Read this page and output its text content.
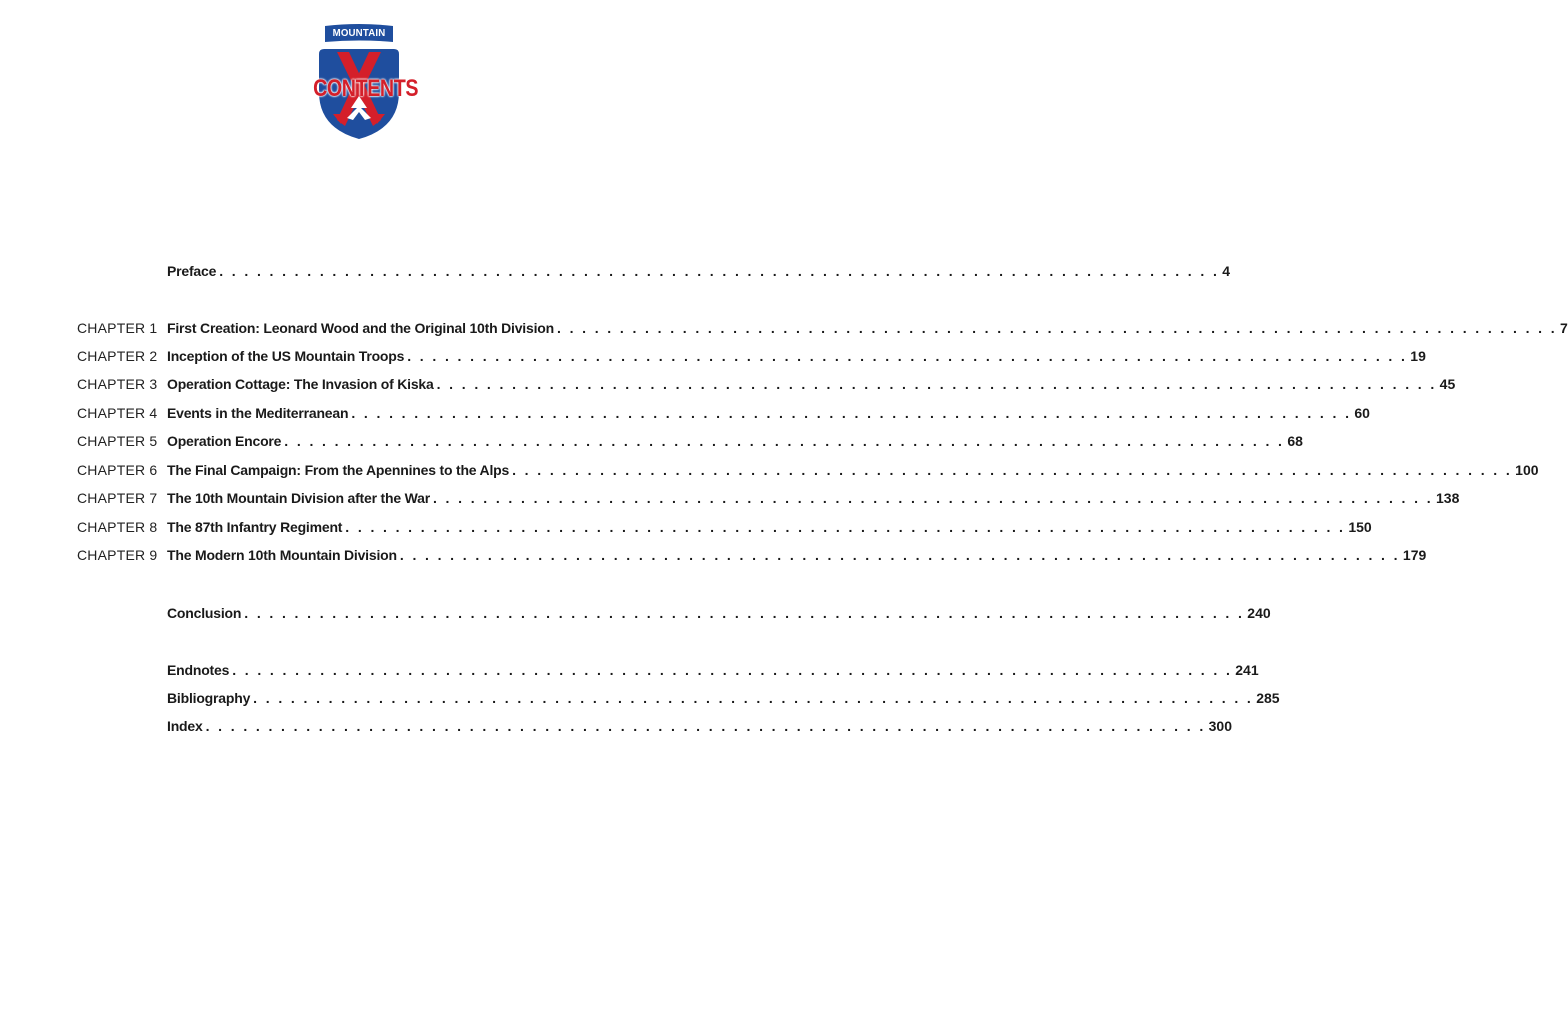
MOUNTAIN
CONTENTS
Preface . . . . . . . . . . . . . . . . . . . . . . . . . . . . . . . . . . . . . . . . . . . . . . . . . . . . . . . . . . . . . . . . . . . . . . . . . . . . . . . . 4
CHAPTER 1 First Creation: Leonard Wood and the Original 10th Division . . . . . . . . . . . . . . . . . . . . . . . . . . . . . . . . . . . . . . . . . . . . . . . . . . . . . . . . . . . . . . . . . . . . . . . . . . . . . . . . 7
CHAPTER 2 Inception of the US Mountain Troops . . . . . . . . . . . . . . . . . . . . . . . . . . . . . . . . . . . . . . . . . . . . . . . . . . . . . . . . . . . . . . . . . . . . . . . . . . . . . . . . 19
CHAPTER 3 Operation Cottage: The Invasion of Kiska . . . . . . . . . . . . . . . . . . . . . . . . . . . . . . . . . . . . . . . . . . . . . . . . . . . . . . . . . . . . . . . . . . . . . . . . . . . . . . . . 45
CHAPTER 4 Events in the Mediterranean . . . . . . . . . . . . . . . . . . . . . . . . . . . . . . . . . . . . . . . . . . . . . . . . . . . . . . . . . . . . . . . . . . . . . . . . . . . . . . . . 60
CHAPTER 5 Operation Encore . . . . . . . . . . . . . . . . . . . . . . . . . . . . . . . . . . . . . . . . . . . . . . . . . . . . . . . . . . . . . . . . . . . . . . . . . . . . . . . . 68
CHAPTER 6 The Final Campaign: From the Apennines to the Alps . . . . . . . . . . . . . . . . . . . . . . . . . . . . . . . . . . . . . . . . . . . . . . . . . . . . . . . . . . . . . . . . . . . . . . . . . . . . . . . . 100
CHAPTER 7 The 10th Mountain Division after the War . . . . . . . . . . . . . . . . . . . . . . . . . . . . . . . . . . . . . . . . . . . . . . . . . . . . . . . . . . . . . . . . . . . . . . . . . . . . . . . . 138
CHAPTER 8 The 87th Infantry Regiment . . . . . . . . . . . . . . . . . . . . . . . . . . . . . . . . . . . . . . . . . . . . . . . . . . . . . . . . . . . . . . . . . . . . . . . . . . . . . . . . 150
CHAPTER 9 The Modern 10th Mountain Division . . . . . . . . . . . . . . . . . . . . . . . . . . . . . . . . . . . . . . . . . . . . . . . . . . . . . . . . . . . . . . . . . . . . . . . . . . . . . . . . 179
Conclusion . . . . . . . . . . . . . . . . . . . . . . . . . . . . . . . . . . . . . . . . . . . . . . . . . . . . . . . . . . . . . . . . . . . . . . . . . . . . . . . . 240
Endnotes . . . . . . . . . . . . . . . . . . . . . . . . . . . . . . . . . . . . . . . . . . . . . . . . . . . . . . . . . . . . . . . . . . . . . . . . . . . . . . . . 241
Bibliography . . . . . . . . . . . . . . . . . . . . . . . . . . . . . . . . . . . . . . . . . . . . . . . . . . . . . . . . . . . . . . . . . . . . . . . . . . . . . . . . 285
Index . . . . . . . . . . . . . . . . . . . . . . . . . . . . . . . . . . . . . . . . . . . . . . . . . . . . . . . . . . . . . . . . . . . . . . . . . . . . . . . . 300
